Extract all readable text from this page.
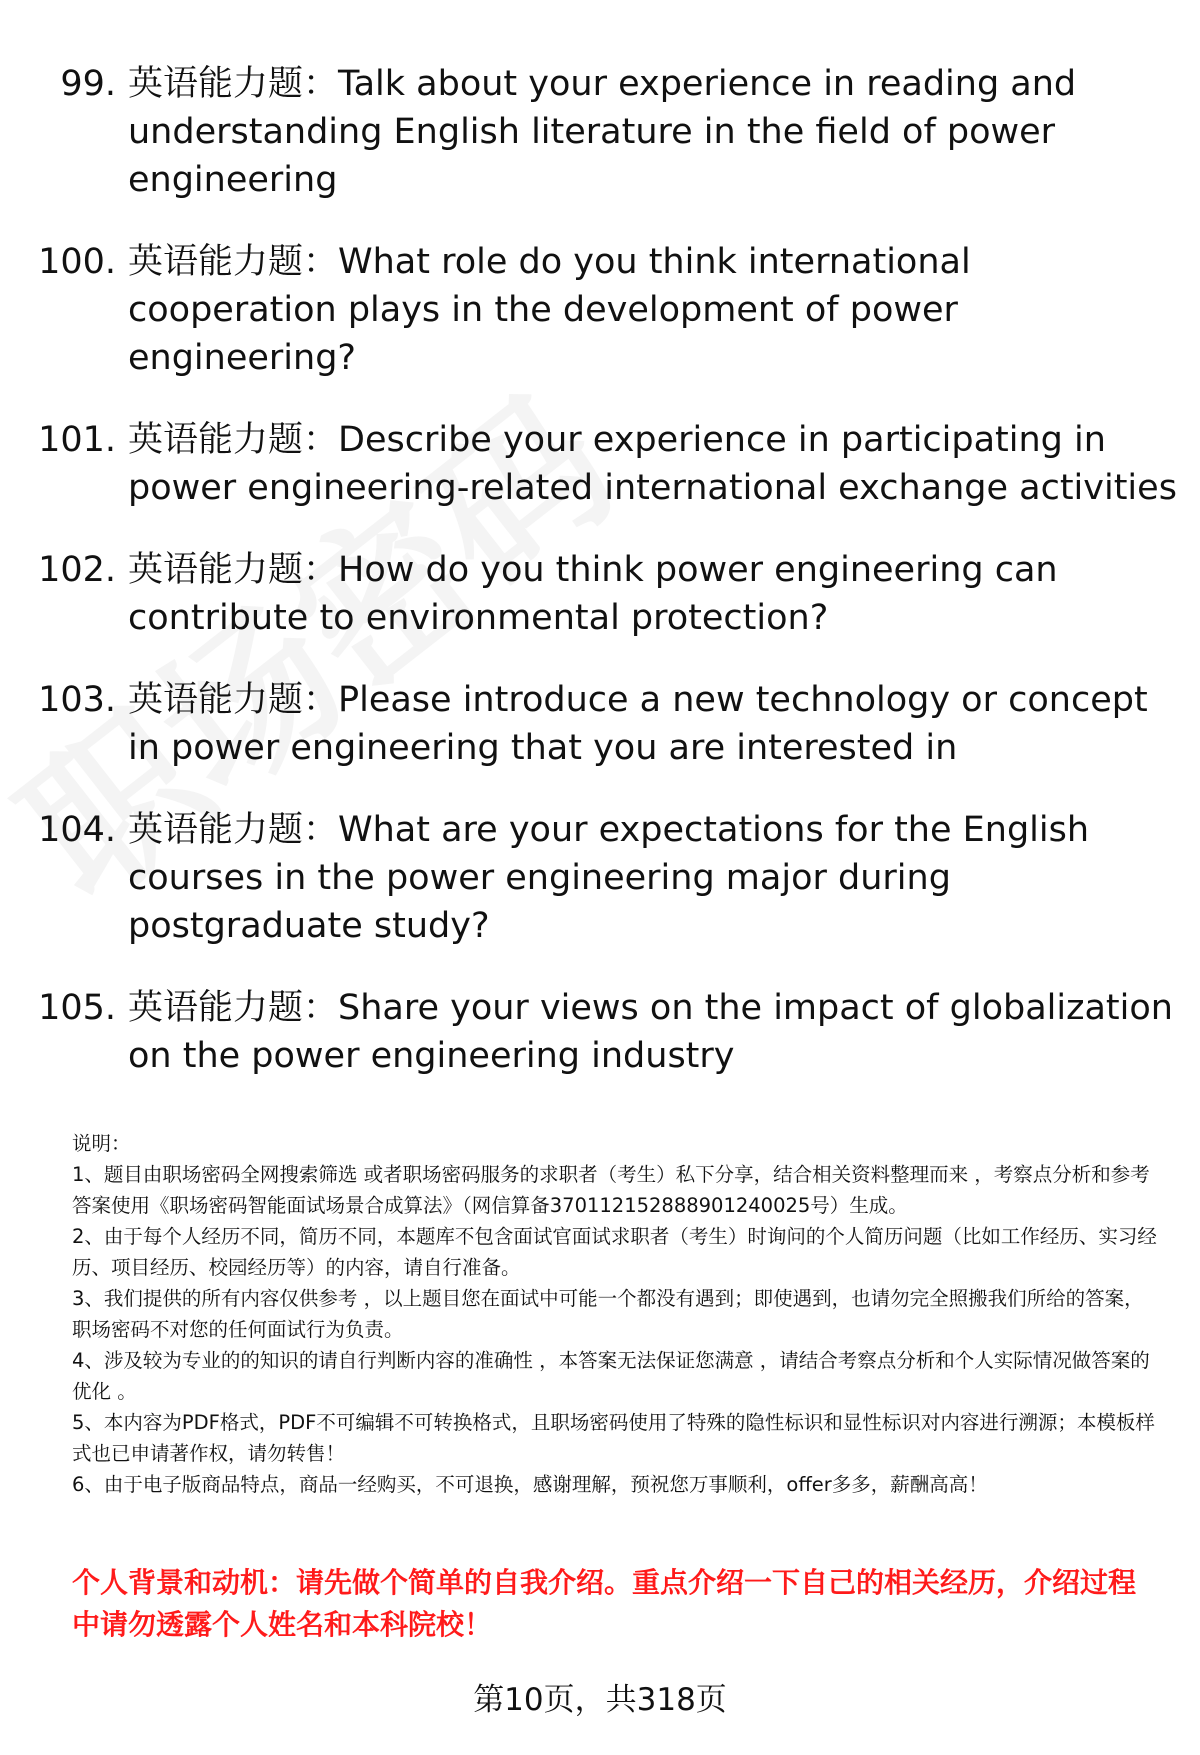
99. 英语能力题：Talk about your experience in reading and understanding English literature in the field of power engineering
100. 英语能力题：What role do you think international cooperation plays in the development of power engineering?
101. 英语能力题：Describe your experience in participating in power engineering-related international exchange activities
102. 英语能力题：How do you think power engineering can contribute to environmental protection?
103. 英语能力题：Please introduce a new technology or concept in power engineering that you are interested in
104. 英语能力题：What are your expectations for the English courses in the power engineering major during postgraduate study?
105. 英语能力题：Share your views on the impact of globalization on the power engineering industry

说明：

1、题目由职场密码全网搜索筛选 或者职场密码服务的求职者（考生）私下分享，结合相关资料整理而来 ，考察点分析和参考答案使用《职场密码智能面试场景合成算法》（网信算备370112152888901240025号）生成。

2、由于每个人经历不同，简历不同，本题库不包含面试官面试求职者（考生）时询问的个人简历问题（比如工作经历、实习经历、项目经历、校园经历等）的内容，请自行准备。

3、我们提供的所有内容仅供参考 ，以上题目您在面试中可能一个都没有遇到；即使遇到，也请勿完全照搬我们所给的答案，职场密码不对您的任何面试行为负责。

4、涉及较为专业的的知识的请自行判断内容的准确性 ，本答案无法保证您满意 ，请结合考察点分析和个人实际情况做答案的优化 。

5、本内容为PDF格式，PDF不可编辑不可转换格式，且职场密码使用了特殊的隐性标识和显性标识对内容进行溯源；本模板样式也已申请著作权，请勿转售！

6、由于电子版商品特点，商品一经购买，不可退换，感谢理解，预祝您万事顺利，offer多多，薪酬高高！

个人背景和动机：请先做个简单的自我介绍。重点介绍一下自己的相关经历，介绍过程中请勿透露个人姓名和本科院校！
第10页，共318页
